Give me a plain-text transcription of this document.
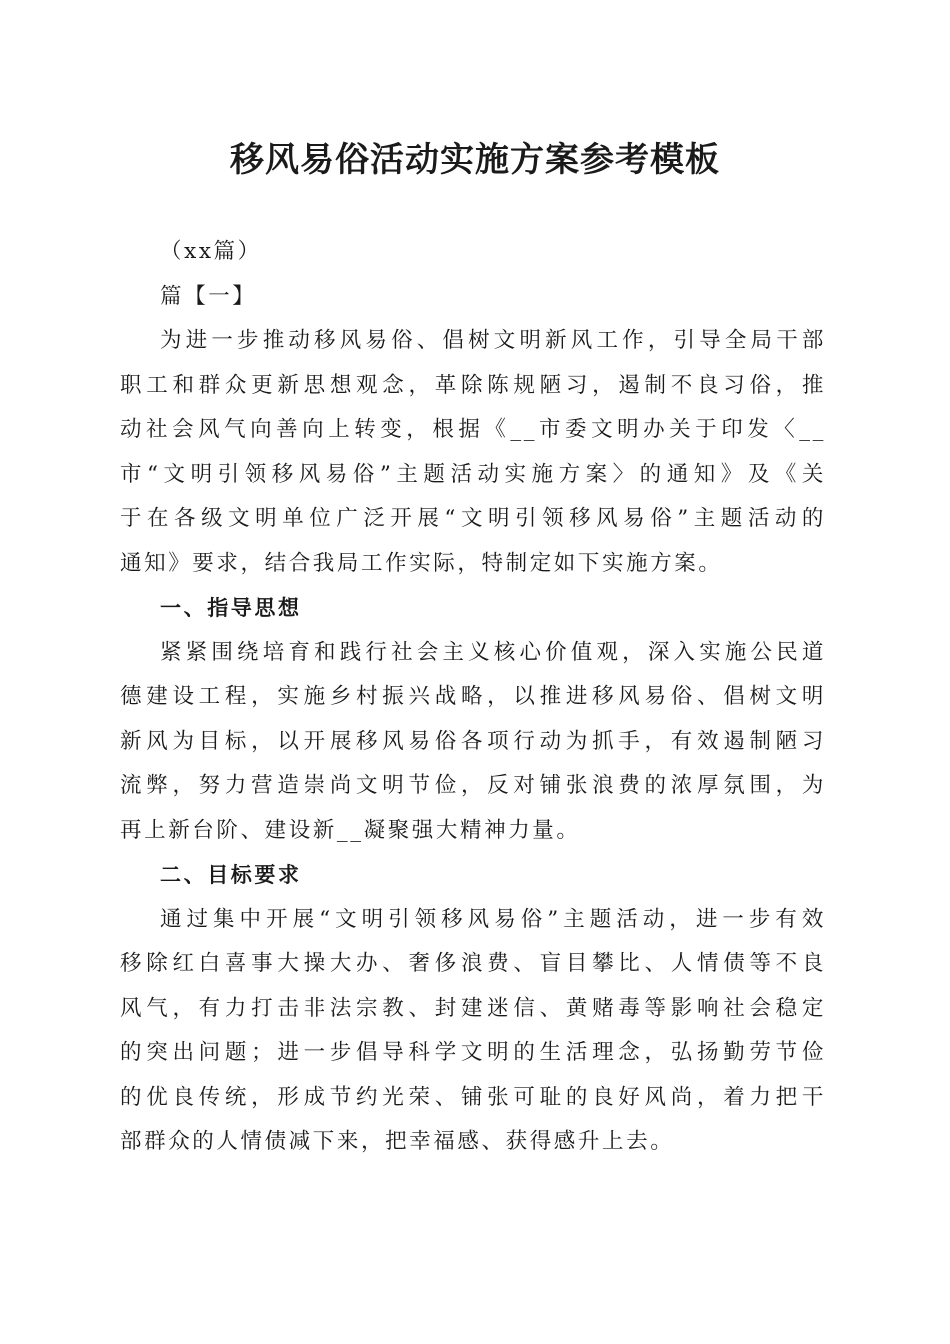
移风易俗活动实施方案参考模板
（xx篇）
篇【一】
为进一步推动移风易俗、倡树文明新风工作，引导全局干部
职工和群众更新思想观念，革除陈规陋习，遏制不良习俗，推
动社会风气向善向上转变，根据《__市委文明办关于印发〈__
市“文明引领移风易俗”主题活动实施方案〉的通知》及《关
于在各级文明单位广泛开展“文明引领移风易俗”主题活动的
通知》要求，结合我局工作实际，特制定如下实施方案。
一、指导思想
紧紧围绕培育和践行社会主义核心价值观，深入实施公民道
德建设工程，实施乡村振兴战略，以推进移风易俗、倡树文明
新风为目标，以开展移风易俗各项行动为抓手，有效遏制陋习
流弊，努力营造崇尚文明节俭，反对铺张浪费的浓厚氛围，为
再上新台阶、建设新__凝聚强大精神力量。
二、目标要求
通过集中开展“文明引领移风易俗”主题活动，进一步有效
移除红白喜事大操大办、奢侈浪费、盲目攀比、人情债等不良
风气，有力打击非法宗教、封建迷信、黄赌毒等影响社会稳定
的突出问题；进一步倡导科学文明的生活理念，弘扬勤劳节俭
的优良传统，形成节约光荣、铺张可耻的良好风尚，着力把干
部群众的人情债减下来，把幸福感、获得感升上去。
